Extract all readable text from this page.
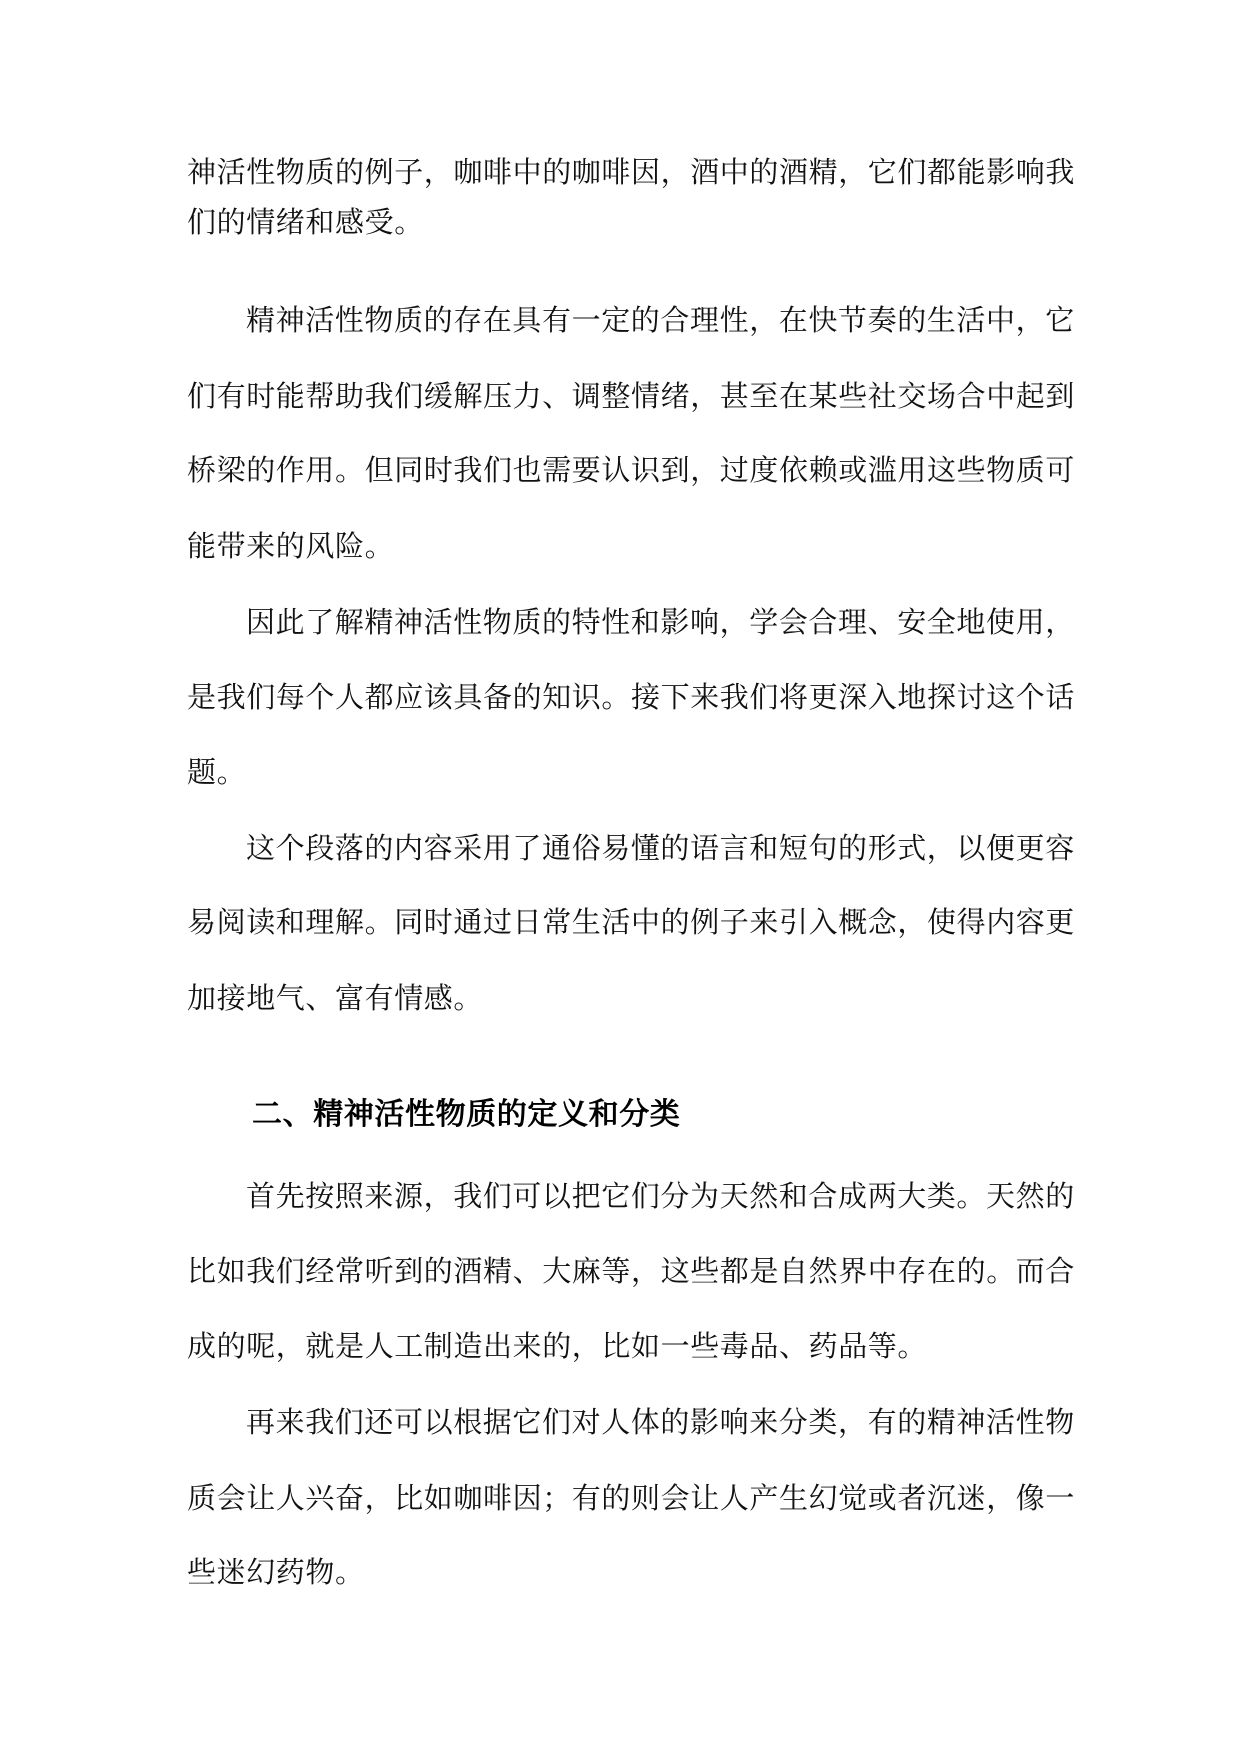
神活性物质的例子，咖啡中的咖啡因，酒中的酒精，它们都能影响我
们的情绪和感受。
精神活性物质的存在具有一定的合理性，在快节奏的生活中，它
们有时能帮助我们缓解压力、调整情绪，甚至在某些社交场合中起到
桥梁的作用。但同时我们也需要认识到，过度依赖或滥用这些物质可
能带来的风险。
因此了解精神活性物质的特性和影响，学会合理、安全地使用，
是我们每个人都应该具备的知识。接下来我们将更深入地探讨这个话
题。
这个段落的内容采用了通俗易懂的语言和短句的形式，以便更容
易阅读和理解。同时通过日常生活中的例子来引入概念，使得内容更
加接地气、富有情感。
二、精神活性物质的定义和分类
首先按照来源，我们可以把它们分为天然和合成两大类。天然的
比如我们经常听到的酒精、大麻等，这些都是自然界中存在的。而合
成的呢，就是人工制造出来的，比如一些毒品、药品等。
再来我们还可以根据它们对人体的影响来分类，有的精神活性物
质会让人兴奋，比如咖啡因；有的则会让人产生幻觉或者沉迷，像一
些迷幻药物。
